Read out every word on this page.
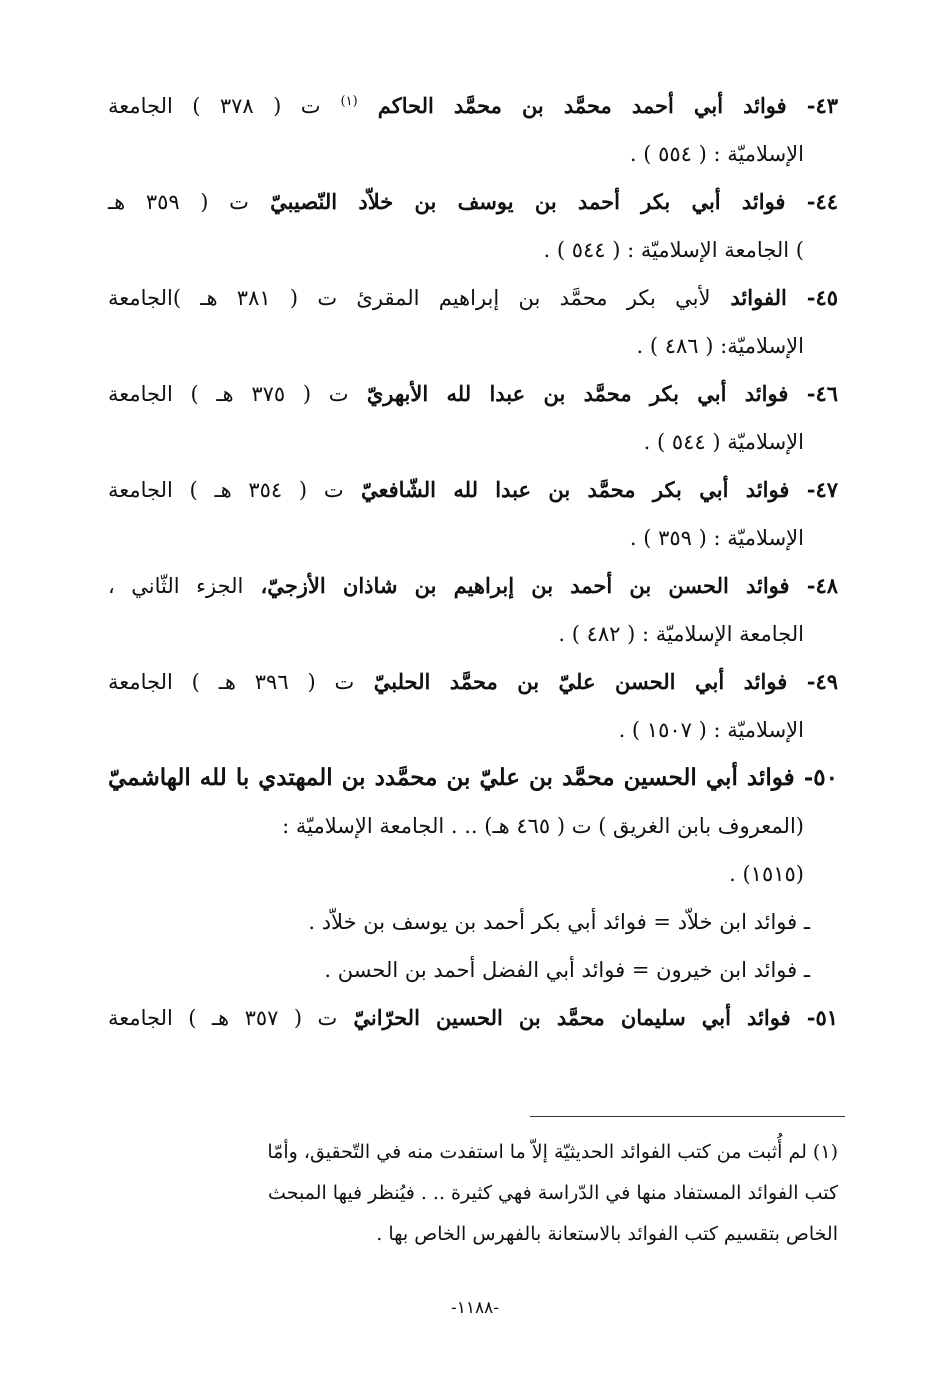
٤٣- فوائد أبي أحمد محمَّد بن محمَّد الحاكم $^{(١)}$ ت ( ٣٧٨ ) الجامعة
الإسلاميّة : ( ٥٥٤ ) .
٤٤- فوائد أبي بكر أحمد بن يوسف بن خلاّد النّصيبيّ ت ( ٣٥٩ هـ
) الجامعة الإسلاميّة : ( ٥٤٤ ) .
٤٥- الفوائد لأبي بكر محمَّد بن إبراهيم المقرئ ت ( ٣٨١ هـ )الجامعة
الإسلاميّة: ( ٤٨٦ ) .
٤٦- فوائد أبي بكر محمَّد بن عبدا لله الأبهريّ ت ( ٣٧٥ هـ ) الجامعة
الإسلاميّة ( ٥٤٤ ) .
٤٧- فوائد أبي بكر محمَّد بن عبدا لله الشّافعيّ ت ( ٣٥٤ هـ ) الجامعة
الإسلاميّة : ( ٣٥٩ ) .
٤٨- فوائد الحسن بن أحمد بن إبراهيم بن شاذان الأزجيّ، الجزء الثّاني ،
الجامعة الإسلاميّة : ( ٤٨٢ ) .
٤٩- فوائد أبي الحسن عليّ بن محمَّد الحلبيّ ت ( ٣٩٦ هـ ) الجامعة
الإسلاميّة : ( ١٥٠٧ ) .
٥٠- فوائد أبي الحسين محمَّد بن عليّ بن محمَّدد بن المهتدي با لله الهاشميّ
(المعروف بابن الغريق ) ت ( ٤٦٥ هـ) .. . الجامعة الإسلاميّة :
(١٥١٥) .

ـ فوائد ابن خلاّد = فوائد أبي بكر أحمد بن يوسف بن خلاّد .

ـ فوائد ابن خيرون = فوائد أبي الفضل أحمد بن الحسن .

٥١- فوائد أبي سليمان محمَّد بن الحسين الحرّانيّ ت ( ٣٥٧ هـ ) الجامعة

(١) لم أُثبت من كتب الفوائد الحديثيّة إلاّ ما استفدت منه في التّحقيق، وأمّا

كتب الفوائد المستفاد منها في الدّراسة فهي كثيرة .. . فيُنظر فيها المبحث

الخاص بتقسيم كتب الفوائد بالاستعانة بالفهرس الخاص بها .

-١١٨٨-
